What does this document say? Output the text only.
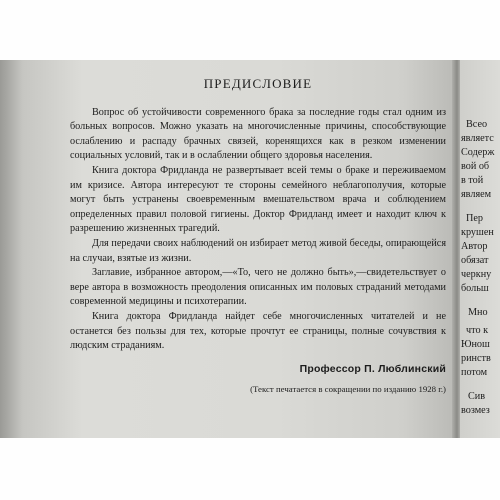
Всео
являетс
Содерж
вой об
в той
являем
Пер
крушен
Автор
обязат
черкну
больш
Мно
что к
Юнош
ринств
потом
Сив
возмез
ПРЕДИСЛОВИЕ

Вопрос об устойчивости современного брака за последние годы стал одним из больных вопросов. Можно указать на многочисленные причины, способствующие ослаблению и распаду брачных связей, коренящихся как в резком изменении социальных условий, так и в ослаблении общего здоровья населения.

Книга доктора Фридланда не развертывает всей темы о браке и переживаемом им кризисе. Автора интересуют те стороны семейного неблагополучия, которые могут быть устранены своевременным вмешательством врача и соблюдением определенных правил половой гигиены. Доктор Фридланд имеет и находит ключ к разрешению жизненных трагедий.

Для передачи своих наблюдений он избирает метод живой беседы, опирающейся на случаи, взятые из жизни.

Заглавие, избранное автором,—«То, чего не должно быть»,—свидетельствует о вере автора в возможность преодоления описанных им половых страданий методами современной медицины и психотерапии.

Книга доктора Фридланда найдет себе многочисленных читателей и не останется без пользы для тех, которые прочтут ее страницы, полные сочувствия к людским страданиям.

Профессор П. Люблинский
(Текст печатается в сокращении по изданию 1928 г.)
